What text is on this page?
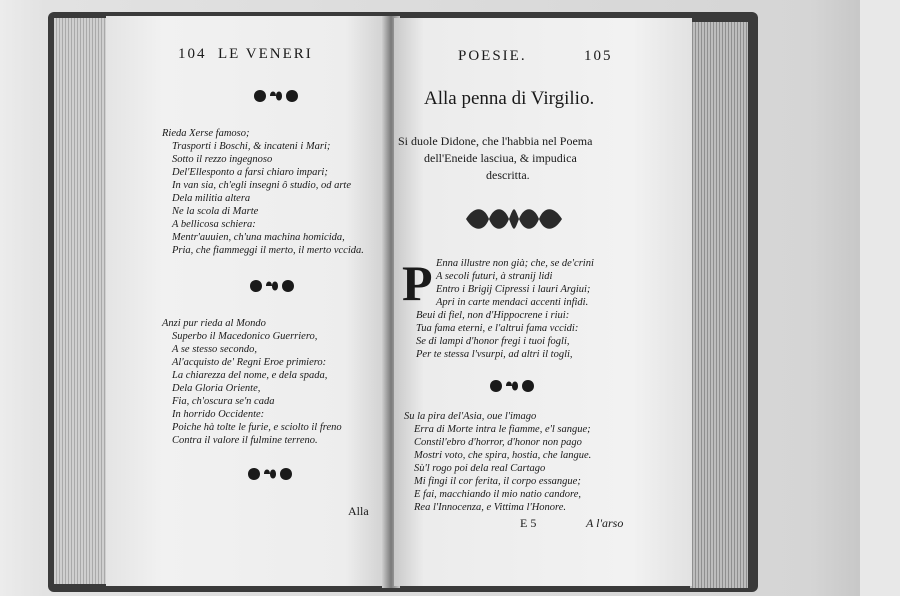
104 LE VENERI
Rieda Xerse famoso;
Trasporti i Boschi, & incateni i Mari;
Sotto il rezzo ingegnoso
Del'Ellesponto a farsi chiaro impari;
In van sia, ch'egli insegni ô studio, od arte
Dela militia altera
Ne la scola di Marte
A bellicosa schiera:
Mentr'auuien, ch'una machina homicida,
Pria, che fiammeggi il merto, il merto vccida.
Anzi pur rieda al Mondo
Superbo il Macedonico Guerriero,
A se stesso secondo,
Al'acquisto de' Regni Eroe primiero:
La chiarezza del nome, e dela spada,
Dela Gloria Oriente,
Fia, ch'oscura se'n cada
In horrido Occidente:
Poiche hà tolte le furie, e sciolto il freno
Contra il valore il fulmine terreno.
Alla
POESIE.	105
Alla penna di Virgilio.
Si duole Didone, che l'habbia nel Poema
dell'Eneide lasciua, & impudica
descritta.
P Enna illustre non già; che, se de'crini
A secoli futuri, à stranij lidi
Entro i Brigij Cipressi i lauri Argiui;
Apri in carte mendaci accenti infidi.
Beui di fiel, non d'Hippocrene i riui:
Tua fama eterni, e l'altrui fama vccidi:
Se di lampi d'honor fregi i tuoi fogli,
Per te stessa l'vsurpi, ad altri il togli,
Su la pira del'Asia, oue l'imago
Erra di Morte intra le fiamme, e'l sangue;
Constil'ebro d'horror, d'honor non pago
Mostri voto, che spira, hostia, che langue.
Sù'l rogo poi dela real Cartago
Mi fingi il cor ferita, il corpo essangue;
E fai, macchiando il mio natio candore,
Rea l'Innocenza, e Vittima l'Honore.
E 5	A l'arso
